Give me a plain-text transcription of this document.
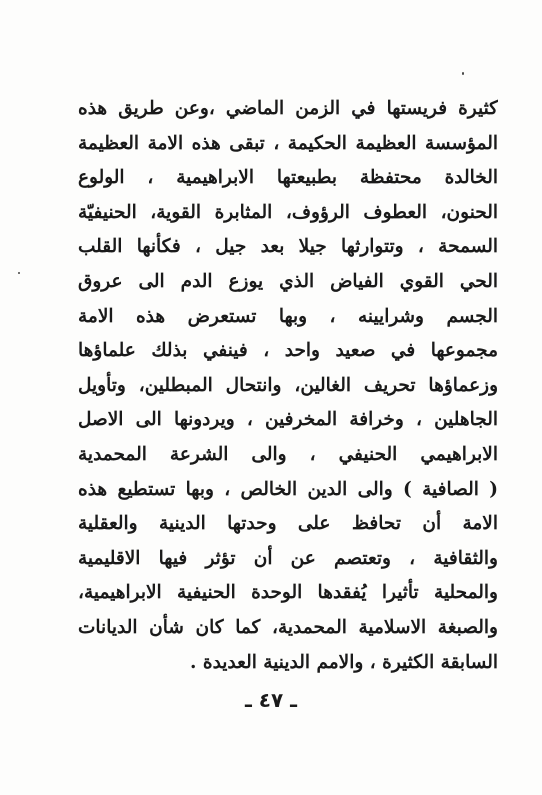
كثيرة فريستها في الزمن الماضي ،وعن طريق هذه
المؤسسة العظيمة الحكيمة ، تبقى هذه الامة العظيمة
الخالدة محتفظة بطبيعتها الابراهيمية ، الولوع
الحنون، العطوف الرؤوف، المثابرة القوية، الحنيفيّة
السمحة ، وتتوارثها جيلا بعد جيل ، فكأنها القلب
الحي القوي الفياض الذي يوزع الدم الى عروق
الجسم وشرايينه ، وبها تستعرض هذه الامة
مجموعها في صعيد واحد ، فينفي بذلك علماؤها
وزعماؤها تحريف الغالين، وانتحال المبطلين، وتأويل
الجاهلين ، وخرافة المخرفين ، ويردونها الى الاصل
الابراهيمي الحنيفي ، والى الشرعة المحمدية
( الصافية ) والى الدين الخالص ، وبها تستطيع هذه
الامة أن تحافظ على وحدتها الدينية والعقلية
والثقافية ، وتعتصم عن أن تؤثر فيها الاقليمية
والمحلية تأثيرا يُفقدها الوحدة الحنيفية الابراهيمية،
والصبغة الاسلامية المحمدية، كما كان شأن الديانات
السابقة الكثيرة ، والامم الدينية العديدة .
ـ ٤٧ ـ
